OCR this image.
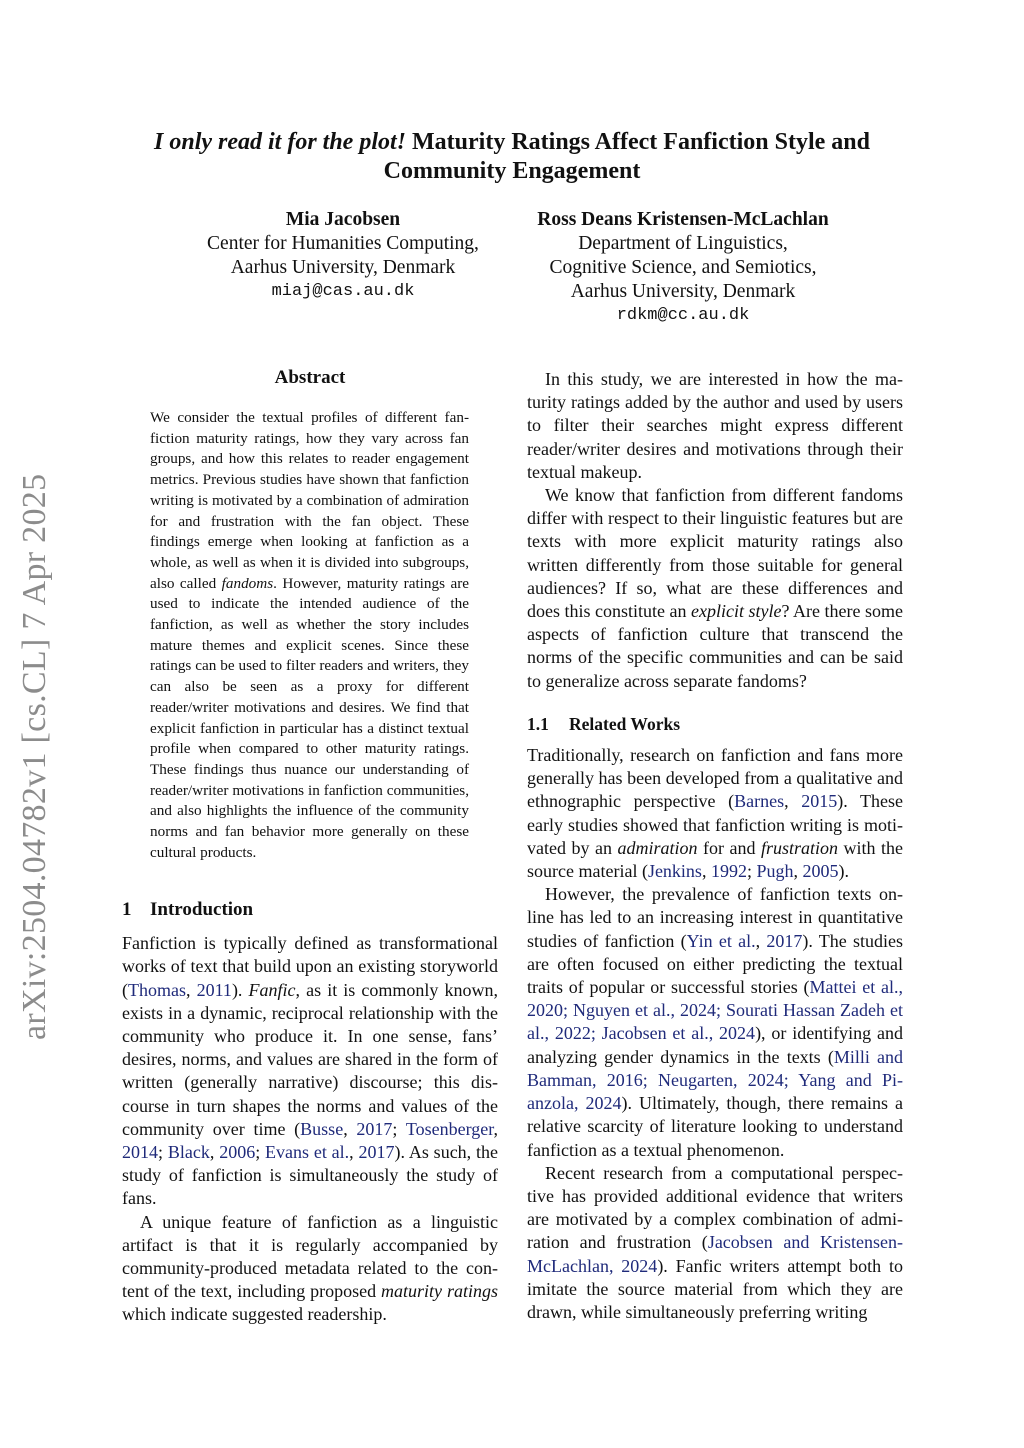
arXiv:2504.04782v1 [cs.CL] 7 Apr 2025
I only read it for the plot! Maturity Ratings Affect Fanfiction Style and
Community Engagement
Mia Jacobsen
Center for Humanities Computing,
Aarhus University, Denmark
miaj@cas.au.dk
Ross Deans Kristensen-McLachlan
Department of Linguistics,
Cognitive Science, and Semiotics,
Aarhus University, Denmark
rdkm@cc.au.dk
Abstract
We consider the textual profiles of different fanfiction maturity ratings, how they vary across fan groups, and how this relates to reader engagement metrics. Previous studies have shown that fanfiction writing is motivated by a combination of admiration for and frustration with the fan object. These findings emerge when looking at fanfiction as a whole, as well as when it is divided into subgroups, also called fandoms. However, maturity ratings are used to indicate the intended audience of the fanfiction, as well as whether the story includes mature themes and explicit scenes. Since these ratings can be used to filter readers and writers, they can also be seen as a proxy for different reader/writer motivations and desires. We find that explicit fanfiction in particular has a distinct textual profile when compared to other maturity ratings. These findings thus nuance our understanding of reader/writer motivations in fanfiction communities, and also highlights the influence of the community norms and fan behavior more generally on these cultural products.
1 Introduction

Fanfiction is typically defined as transformational works of text that build upon an existing storyworld (Thomas, 2011). Fanfic, as it is commonly known, exists in a dynamic, reciprocal relationship with the community who produce it. In one sense, fans’ desires, norms, and values are shared in the form of written (generally narrative) discourse; this discourse in turn shapes the norms and values of the community over time (Busse, 2017; Tosenberger, 2014; Black, 2006; Evans et al., 2017). As such, the study of fanfiction is simultaneously the study of fans.

A unique feature of fanfiction as a linguistic artifact is that it is regularly accompanied by community-produced metadata related to the content of the text, including proposed maturity ratings which indicate suggested readership.

In this study, we are interested in how the maturity ratings added by the author and used by users to filter their searches might express different reader/writer desires and motivations through their textual makeup.

We know that fanfiction from different fandoms differ with respect to their linguistic features but are texts with more explicit maturity ratings also written differently from those suitable for general audiences? If so, what are these differences and does this constitute an explicit style? Are there some aspects of fanfiction culture that transcend the norms of the specific communities and can be said to generalize across separate fandoms?

1.1 Related Works

Traditionally, research on fanfiction and fans more generally has been developed from a qualitative and ethnographic perspective (Barnes, 2015). These early studies showed that fanfiction writing is motivated by an admiration for and frustration with the source material (Jenkins, 1992; Pugh, 2005).

However, the prevalence of fanfiction texts online has led to an increasing interest in quantitative studies of fanfiction (Yin et al., 2017). The studies are often focused on either predicting the textual traits of popular or successful stories (Mattei et al., 2020; Nguyen et al., 2024; Sourati Hassan Zadeh et al., 2022; Jacobsen et al., 2024), or identifying and analyzing gender dynamics in the texts (Milli and Bamman, 2016; Neugarten, 2024; Yang and Pianzola, 2024). Ultimately, though, there remains a relative scarcity of literature looking to understand fanfiction as a textual phenomenon.

Recent research from a computational perspective has provided additional evidence that writers are motivated by a complex combination of admiration and frustration (Jacobsen and Kristensen-McLachlan, 2024). Fanfic writers attempt both to imitate the source material from which they are drawn, while simultaneously preferring writing
